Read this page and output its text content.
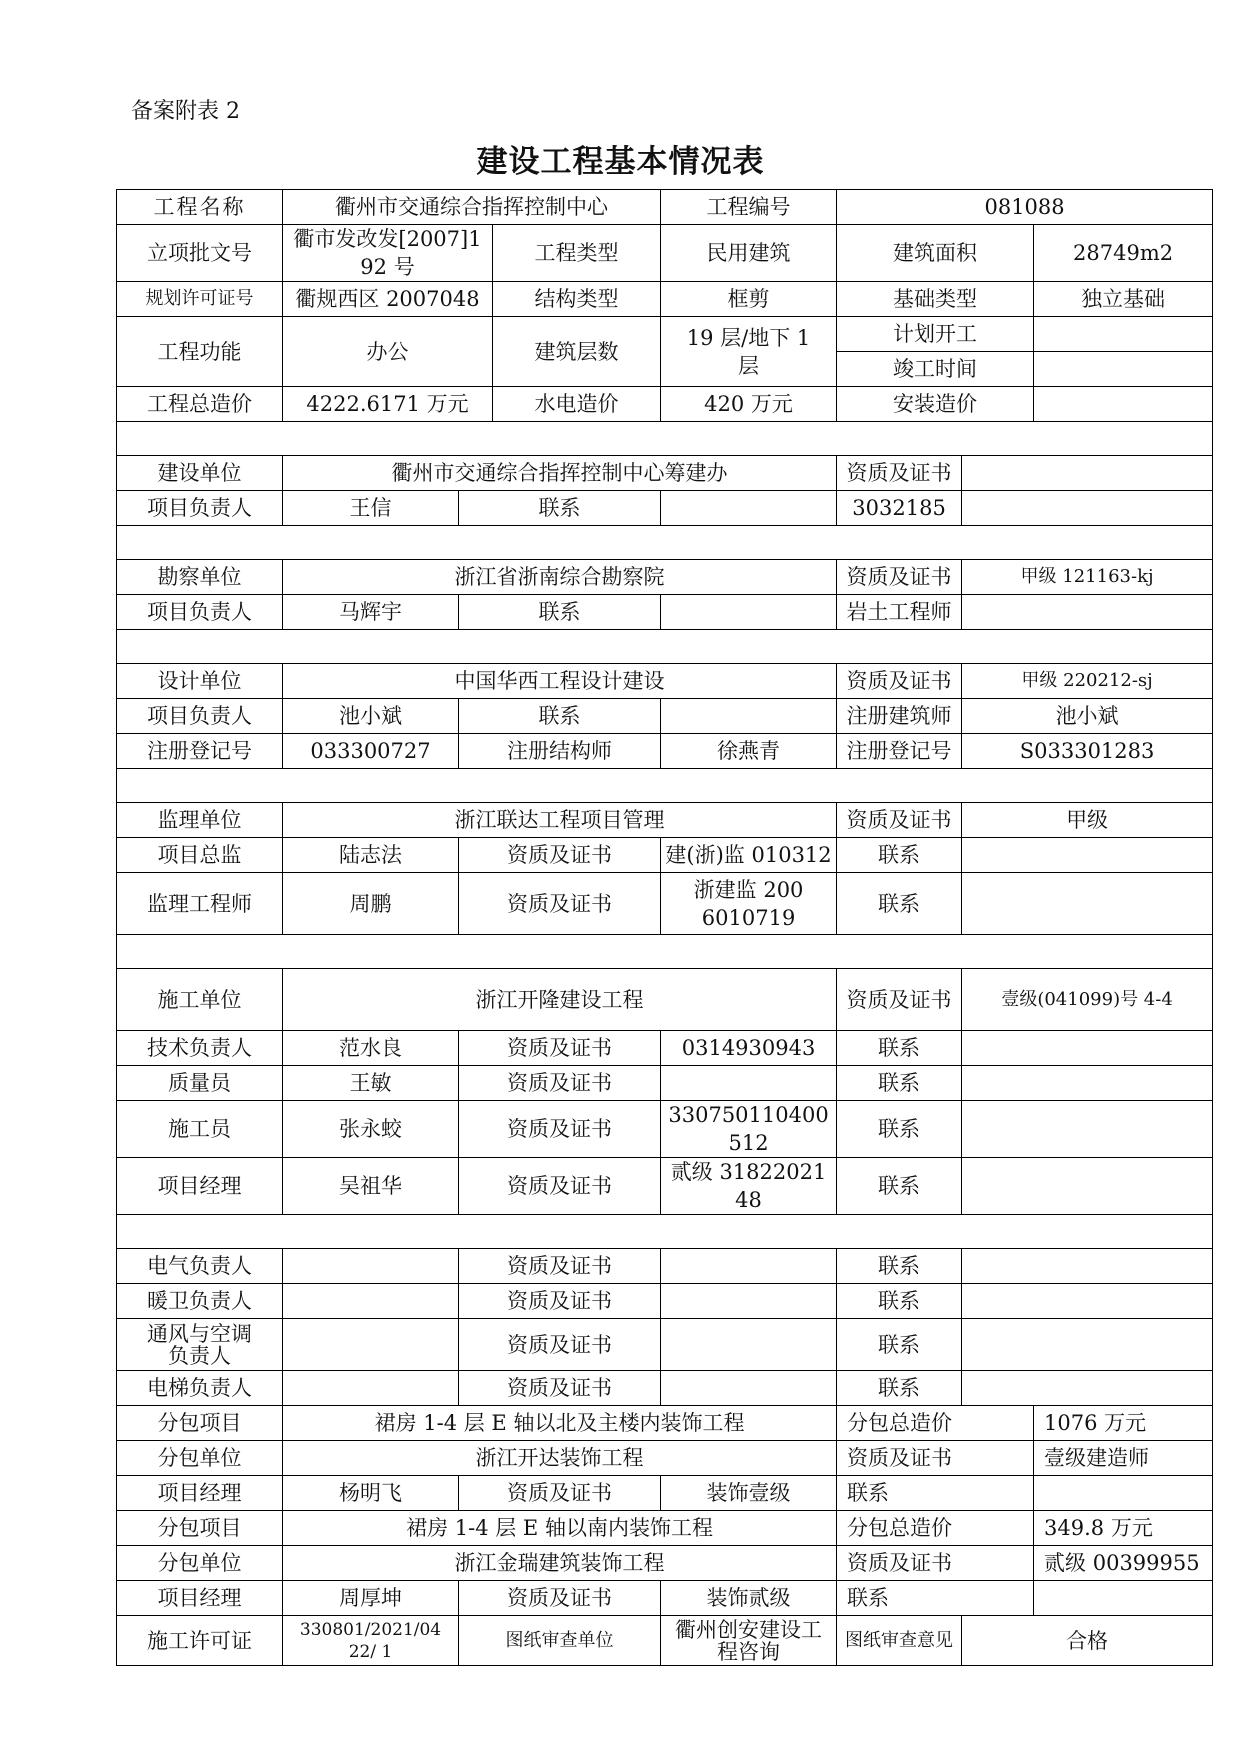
备案附表 2
建设工程基本情况表
工程名称	衢州市交通综合指挥控制中心			工程编号	081088		
立项批文号	衢市发改发[2007]192 号		工程类型	民用建筑	建筑面积		28749m2
规划许可证号	衢规西区 2007048		结构类型	框剪	基础类型		独立基础
工程功能	办公		建筑层数	19 层/地下 1 层	计划开工		
					竣工时间		
工程总造价	4222.6171 万元		水电造价	420 万元	安装造价		

建设单位	衢州市交通综合指挥控制中心筹建办				资质及证书		
项目负责人	王信	联系			3032185		

勘察单位	浙江省浙南综合勘察院				资质及证书	甲级 121163-kj	
项目负责人	马辉宇	联系			岩土工程师		

设计单位	中国华西工程设计建设				资质及证书	甲级 220212-sj	
项目负责人	池小斌	联系			注册建筑师	池小斌	
注册登记号	033300727	注册结构师		徐燕青	注册登记号	S033301283	

监理单位	浙江联达工程项目管理				资质及证书	甲级	
项目总监	陆志法	资质及证书		建(浙)监 010312	联系		
监理工程师	周鹏	资质及证书		浙建监 2006010719	联系		

施工单位	浙江开隆建设工程				资质及证书	壹级(041099)号 4-4	
技术负责人	范水良	资质及证书		0314930943	联系		
质量员	王敏	资质及证书			联系		
施工员	张永蛟	资质及证书		330750110400512	联系		
项目经理	吴祖华	资质及证书		贰级 3182202148	联系		

电气负责人		资质及证书			联系		
暖卫负责人		资质及证书			联系		
通风与空调负责人		资质及证书			联系		
电梯负责人		资质及证书			联系		
分包项目	裙房 1-4 层 E 轴以北及主楼内装饰工程				分包总造价		1076 万元
分包单位	浙江开达装饰工程				资质及证书		壹级建造师
项目经理	杨明飞	资质及证书		装饰壹级	联系		
分包项目	裙房 1-4 层 E 轴以南内装饰工程				分包总造价		349.8 万元
分包单位	浙江金瑞建筑装饰工程				资质及证书		贰级 00399955
项目经理	周厚坤	资质及证书		装饰贰级	联系		
施工许可证	330801/2021/0422/ 1	图纸审查单位		衢州创安建设工程咨询	图纸审查意见	合格	
